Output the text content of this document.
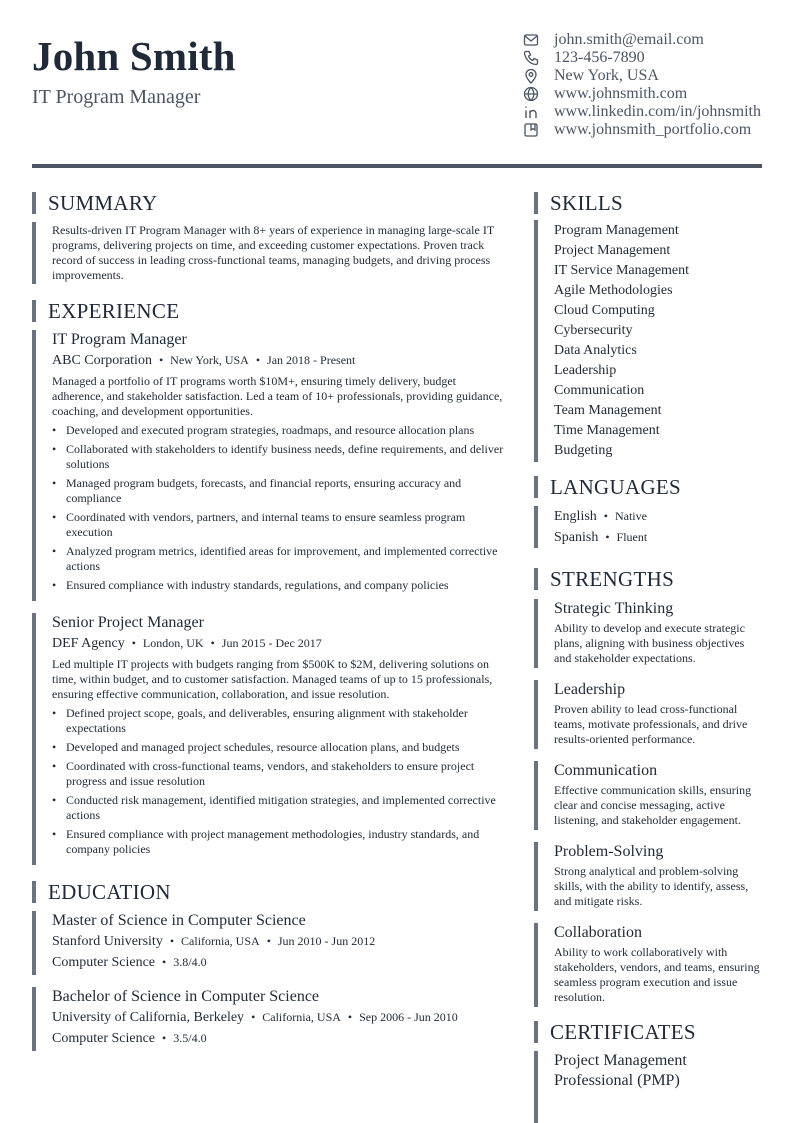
John Smith
IT Program Manager
john.smith@email.com
123-456-7890
New York, USA
www.johnsmith.com
www.linkedin.com/in/johnsmith
www.johnsmith_portfolio.com
SUMMARY
Results-driven IT Program Manager with 8+ years of experience in managing large-scale IT programs, delivering projects on time, and exceeding customer expectations. Proven track record of success in leading cross-functional teams, managing budgets, and driving process improvements.
EXPERIENCE
IT Program Manager
ABC Corporation • New York, USA • Jan 2018 - Present
Managed a portfolio of IT programs worth $10M+, ensuring timely delivery, budget adherence, and stakeholder satisfaction. Led a team of 10+ professionals, providing guidance, coaching, and development opportunities.
• Developed and executed program strategies, roadmaps, and resource allocation plans
• Collaborated with stakeholders to identify business needs, define requirements, and deliver solutions
• Managed program budgets, forecasts, and financial reports, ensuring accuracy and compliance
• Coordinated with vendors, partners, and internal teams to ensure seamless program execution
• Analyzed program metrics, identified areas for improvement, and implemented corrective actions
• Ensured compliance with industry standards, regulations, and company policies
Senior Project Manager
DEF Agency • London, UK • Jun 2015 - Dec 2017
Led multiple IT projects with budgets ranging from $500K to $2M, delivering solutions on time, within budget, and to customer satisfaction. Managed teams of up to 15 professionals, ensuring effective communication, collaboration, and issue resolution.
• Defined project scope, goals, and deliverables, ensuring alignment with stakeholder expectations
• Developed and managed project schedules, resource allocation plans, and budgets
• Coordinated with cross-functional teams, vendors, and stakeholders to ensure project progress and issue resolution
• Conducted risk management, identified mitigation strategies, and implemented corrective actions
• Ensured compliance with project management methodologies, industry standards, and company policies
EDUCATION
Master of Science in Computer Science
Stanford University • California, USA • Jun 2010 - Jun 2012
Computer Science • 3.8/4.0
Bachelor of Science in Computer Science
University of California, Berkeley • California, USA • Sep 2006 - Jun 2010
Computer Science • 3.5/4.0
SKILLS
Program Management
Project Management
IT Service Management
Agile Methodologies
Cloud Computing
Cybersecurity
Data Analytics
Leadership
Communication
Team Management
Time Management
Budgeting
LANGUAGES
English • Native
Spanish • Fluent
STRENGTHS
Strategic Thinking
Ability to develop and execute strategic plans, aligning with business objectives and stakeholder expectations.
Leadership
Proven ability to lead cross-functional teams, motivate professionals, and drive results-oriented performance.
Communication
Effective communication skills, ensuring clear and concise messaging, active listening, and stakeholder engagement.
Problem-Solving
Strong analytical and problem-solving skills, with the ability to identify, assess, and mitigate risks.
Collaboration
Ability to work collaboratively with stakeholders, vendors, and teams, ensuring seamless program execution and issue resolution.
CERTIFICATES
Project Management Professional (PMP)
